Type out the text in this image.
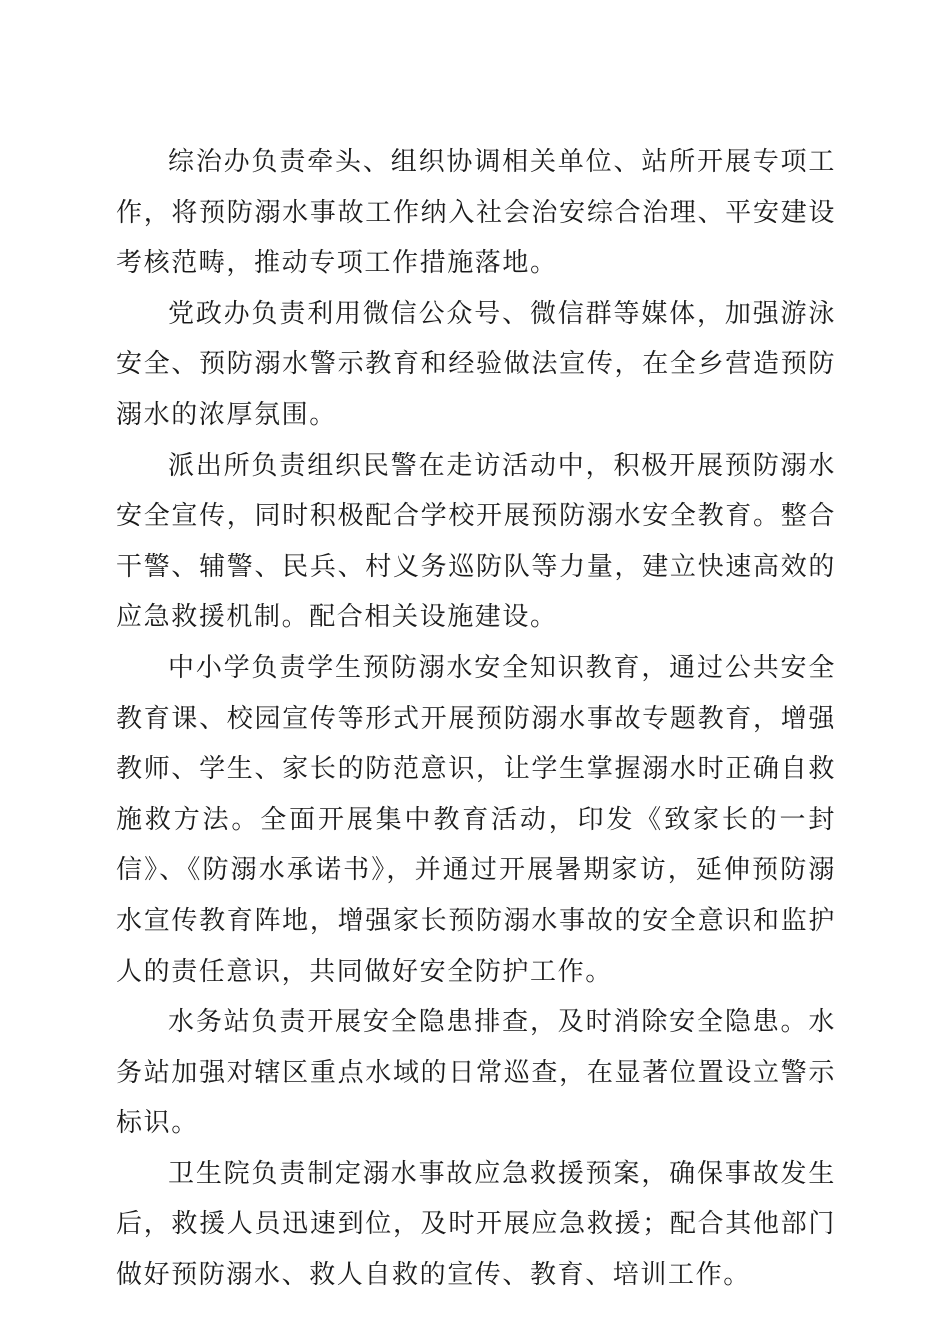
综治办负责牵头、组织协调相关单位、站所开展专项工作，将预防溺水事故工作纳入社会治安综合治理、平安建设考核范畴，推动专项工作措施落地。

党政办负责利用微信公众号、微信群等媒体，加强游泳安全、预防溺水警示教育和经验做法宣传，在全乡营造预防溺水的浓厚氛围。

派出所负责组织民警在走访活动中，积极开展预防溺水安全宣传，同时积极配合学校开展预防溺水安全教育。整合干警、辅警、民兵、村义务巡防队等力量，建立快速高效的应急救援机制。配合相关设施建设。

中小学负责学生预防溺水安全知识教育，通过公共安全教育课、校园宣传等形式开展预防溺水事故专题教育，增强教师、学生、家长的防范意识，让学生掌握溺水时正确自救施救方法。全面开展集中教育活动，印发《致家长的一封信》、《防溺水承诺书》，并通过开展暑期家访，延伸预防溺水宣传教育阵地，增强家长预防溺水事故的安全意识和监护人的责任意识，共同做好安全防护工作。

水务站负责开展安全隐患排查，及时消除安全隐患。水务站加强对辖区重点水域的日常巡查，在显著位置设立警示标识。

卫生院负责制定溺水事故应急救援预案，确保事故发生后，救援人员迅速到位，及时开展应急救援；配合其他部门做好预防溺水、救人自救的宣传、教育、培训工作。
